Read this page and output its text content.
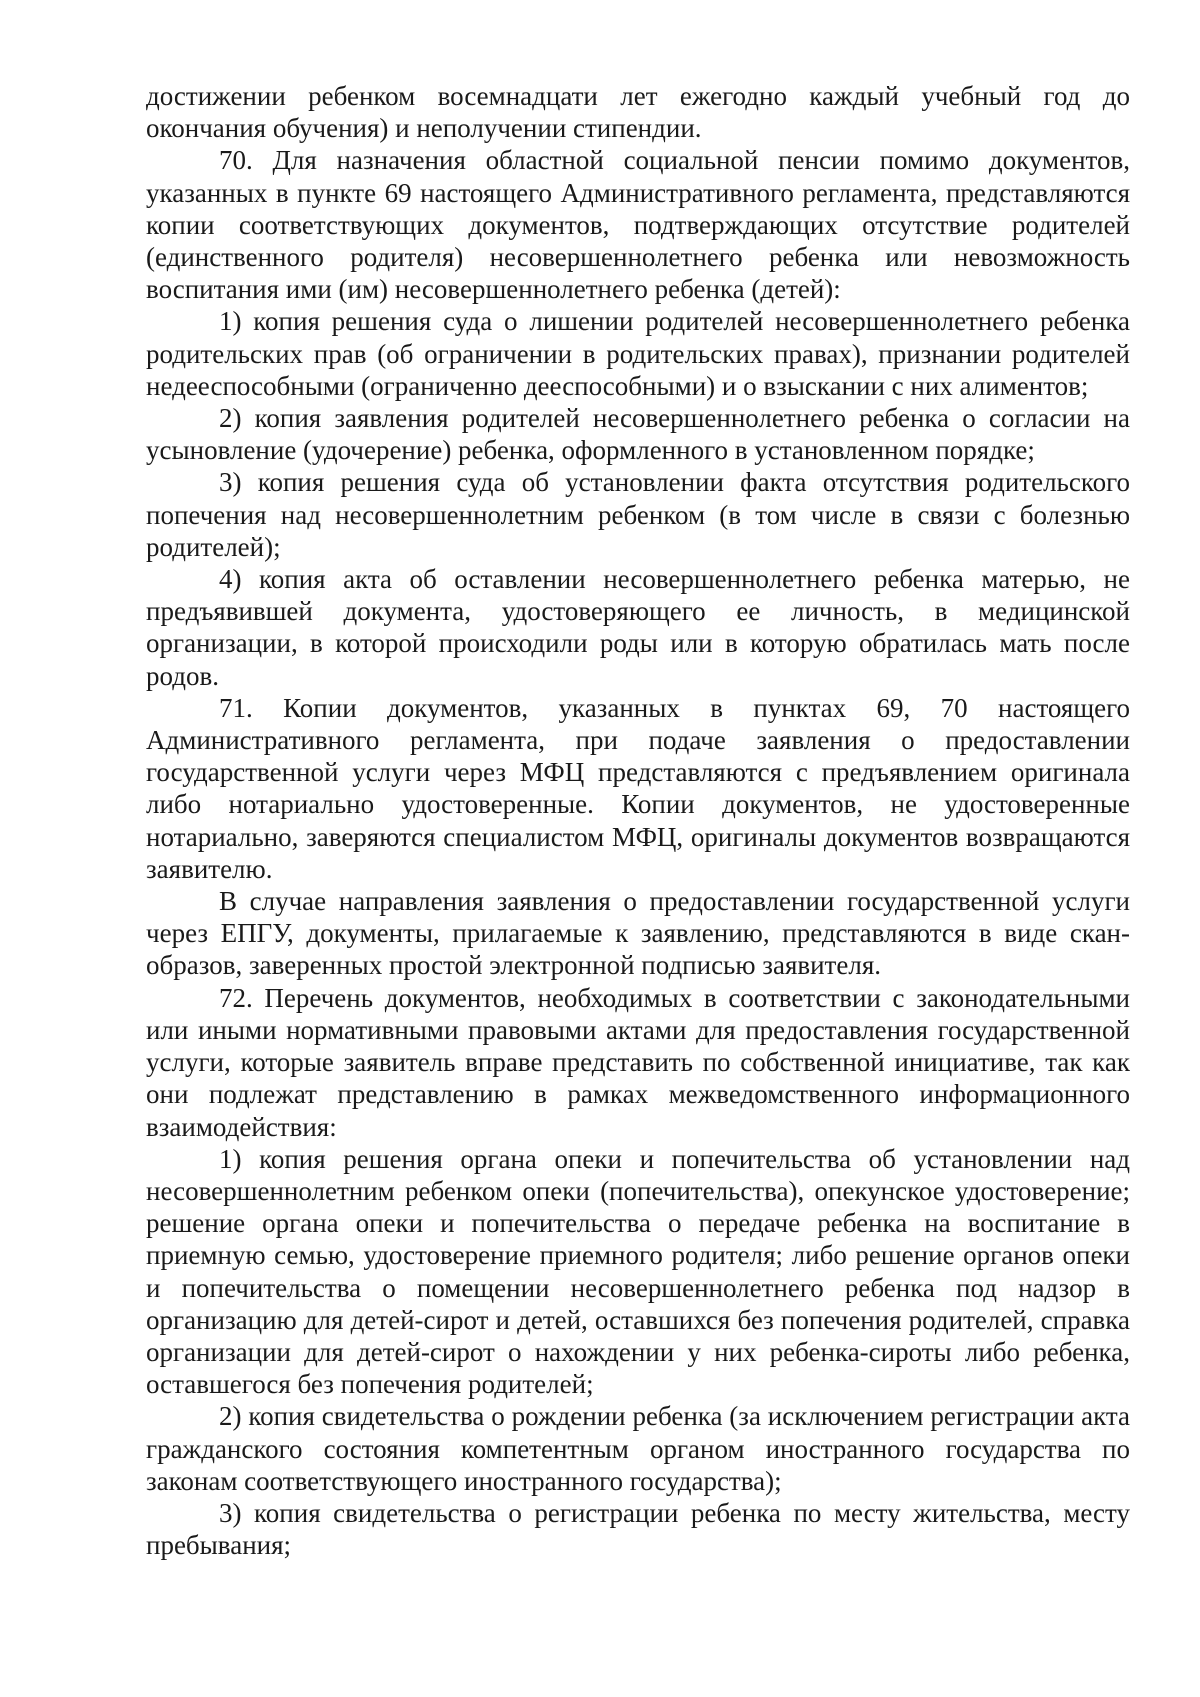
достижении ребенком восемнадцати лет ежегодно каждый учебный год до окончания обучения) и неполучении стипендии.

70. Для назначения областной социальной пенсии помимо документов, указанных в пункте 69 настоящего Административного регламента, представляются копии соответствующих документов, подтверждающих отсутствие родителей (единственного родителя) несовершеннолетнего ребенка или невозможность воспитания ими (им) несовершеннолетнего ребенка (детей):

1) копия решения суда о лишении родителей несовершеннолетнего ребенка родительских прав (об ограничении в родительских правах), признании родителей недееспособными (ограниченно дееспособными) и о взыскании с них алиментов;

2) копия заявления родителей несовершеннолетнего ребенка о согласии на усыновление (удочерение) ребенка, оформленного в установленном порядке;

3) копия решения суда об установлении факта отсутствия родительского попечения над несовершеннолетним ребенком (в том числе в связи с болезнью родителей);

4) копия акта об оставлении несовершеннолетнего ребенка матерью, не предъявившей документа, удостоверяющего ее личность, в медицинской организации, в которой происходили роды или в которую обратилась мать после родов.

71. Копии документов, указанных в пунктах 69, 70 настоящего Административного регламента, при подаче заявления о предоставлении государственной услуги через МФЦ представляются с предъявлением оригинала либо нотариально удостоверенные. Копии документов, не удостоверенные нотариально, заверяются специалистом МФЦ, оригиналы документов возвращаются заявителю.

В случае направления заявления о предоставлении государственной услуги через ЕПГУ, документы, прилагаемые к заявлению, представляются в виде скан-образов, заверенных простой электронной подписью заявителя.

72. Перечень документов, необходимых в соответствии с законодательными или иными нормативными правовыми актами для предоставления государственной услуги, которые заявитель вправе представить по собственной инициативе, так как они подлежат представлению в рамках межведомственного информационного взаимодействия:

1) копия решения органа опеки и попечительства об установлении над несовершеннолетним ребенком опеки (попечительства), опекунское удостоверение; решение органа опеки и попечительства о передаче ребенка на воспитание в приемную семью, удостоверение приемного родителя; либо решение органов опеки и попечительства о помещении несовершеннолетнего ребенка под надзор в организацию для детей-сирот и детей, оставшихся без попечения родителей, справка организации для детей-сирот о нахождении у них ребенка-сироты либо ребенка, оставшегося без попечения родителей;

2) копия свидетельства о рождении ребенка (за исключением регистрации акта гражданского состояния компетентным органом иностранного государства по законам соответствующего иностранного государства);

3) копия свидетельства о регистрации ребенка по месту жительства, месту пребывания;
